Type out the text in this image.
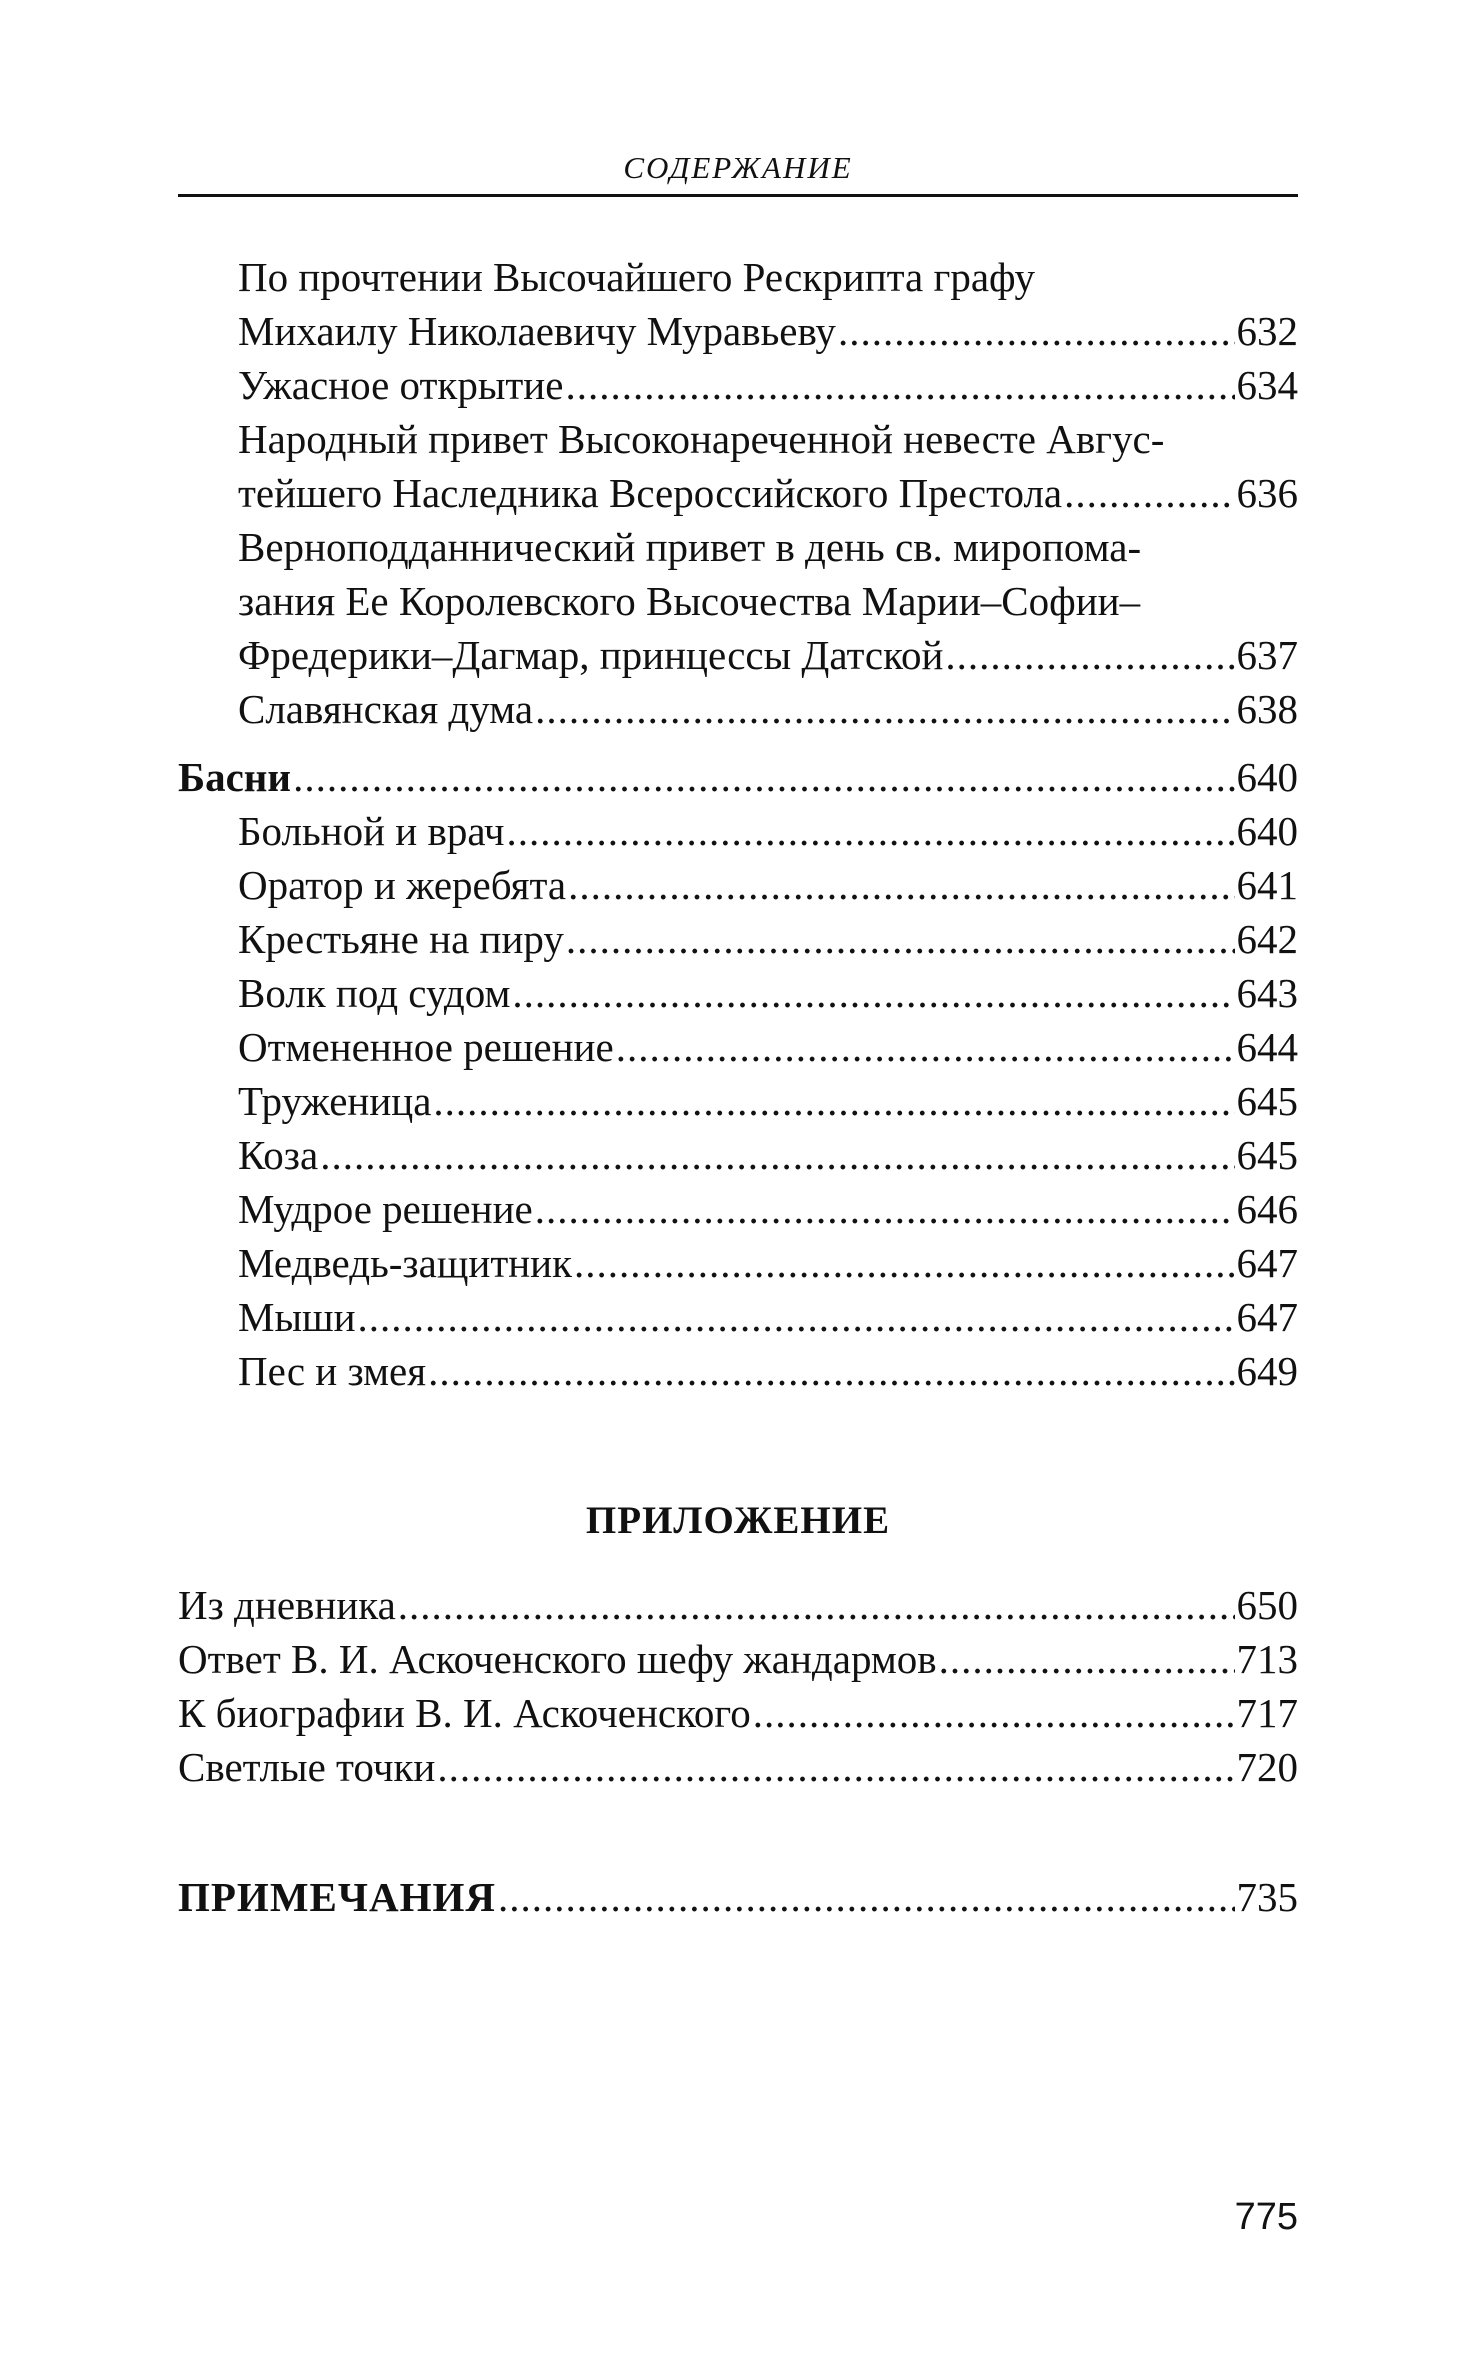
СОДЕРЖАНИЕ
По прочтении Высочайшего Рескрипта графу
Михаилу Николаевичу Муравьеву .....	632
Ужасное открытие .....	634
Народный привет Высоконареченной невесте Авгус-
тейшего Наследника Всероссийского Престола .....	636
Верноподданнический привет в день св. миропома-
зания Ее Королевского Высочества Марии–Софии–
Фредерики–Дагмар, принцессы Датской .....	637
Славянская дума .....	638
Басни .....	640
Больной и врач .....	640
Оратор и жеребята .....	641
Крестьяне на пиру .....	642
Волк под судом .....	643
Отмененное решение .....	644
Труженица .....	645
Коза .....	645
Мудрое решение .....	646
Медведь-защитник .....	647
Мыши .....	647
Пес и змея .....	649
ПРИЛОЖЕНИЕ
Из дневника .....	650
Ответ В. И. Аскоченского шефу жандармов .....	713
К биографии В. И. Аскоченского .....	717
Светлые точки .....	720
ПРИМЕЧАНИЯ .....	735
775
